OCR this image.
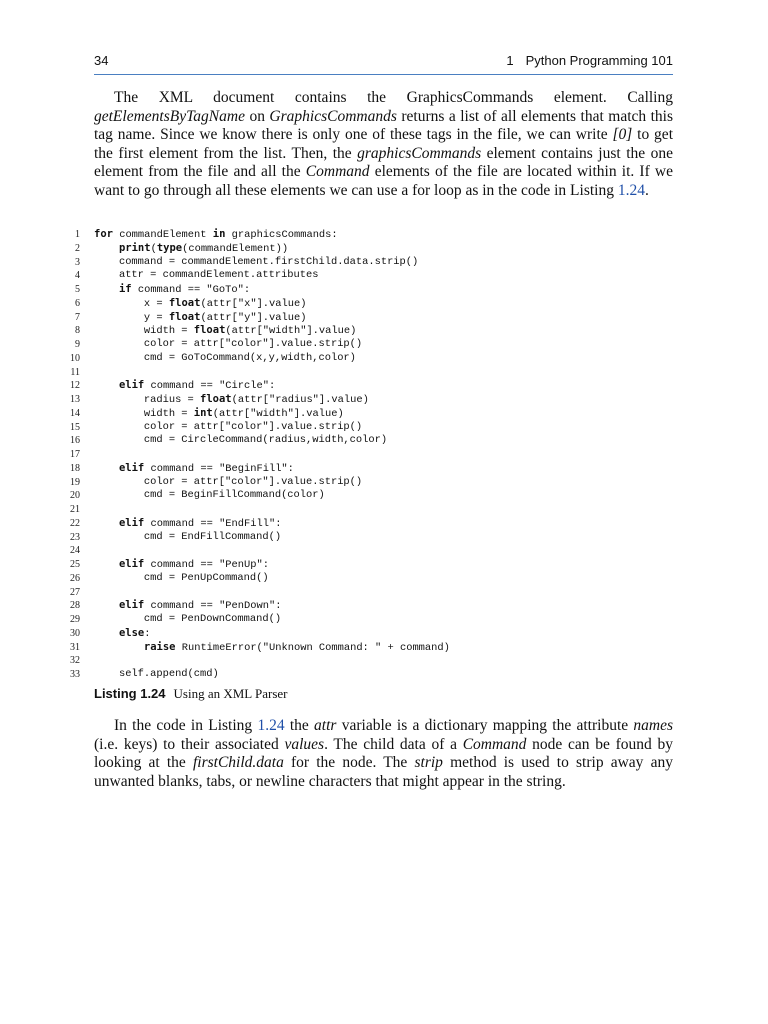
34	1 Python Programming 101

The XML document contains the GraphicsCommands element. Calling getElementsByTagName on GraphicsCommands returns a list of all elements that match this tag name. Since we know there is only one of these tags in the file, we can write [0] to get the first element from the list. Then, the graphicsCommands element contains just the one element from the file and all the Command elements of the file are located within it. If we want to go through all these elements we can use a for loop as in the code in Listing 1.24.

1 for commandElement in graphicsCommands:
2	print(type(commandElement))
3	command = commandElement.firstChild.data.strip()
4	attr = commandElement.attributes
5	if command == "GoTo":
6	x = float(attr["x"].value)
7	y = float(attr["y"].value)
8	width = float(attr["width"].value)
9	color = attr["color"].value.strip()
10	cmd = GoToCommand(x,y,width,color)
11
12	elif command == "Circle":
13	radius = float(attr["radius"].value)
14	width = int(attr["width"].value)
15	color = attr["color"].value.strip()
16	cmd = CircleCommand(radius,width,color)
17
18	elif command == "BeginFill":
19	color = attr["color"].value.strip()
20	cmd = BeginFillCommand(color)
21
22	elif command == "EndFill":
23	cmd = EndFillCommand()
24
25	elif command == "PenUp":
26	cmd = PenUpCommand()
27
28	elif command == "PenDown":
29	cmd = PenDownCommand()
30	else:
31	raise RuntimeError("Unknown Command: " + command)
32
33	self.append(cmd)
Listing 1.24 Using an XML Parser

In the code in Listing 1.24 the attr variable is a dictionary mapping the attribute names (i.e. keys) to their associated values. The child data of a Command node can be found by looking at the firstChild.data for the node. The strip method is used to strip away any unwanted blanks, tabs, or newline characters that might appear in the string.
